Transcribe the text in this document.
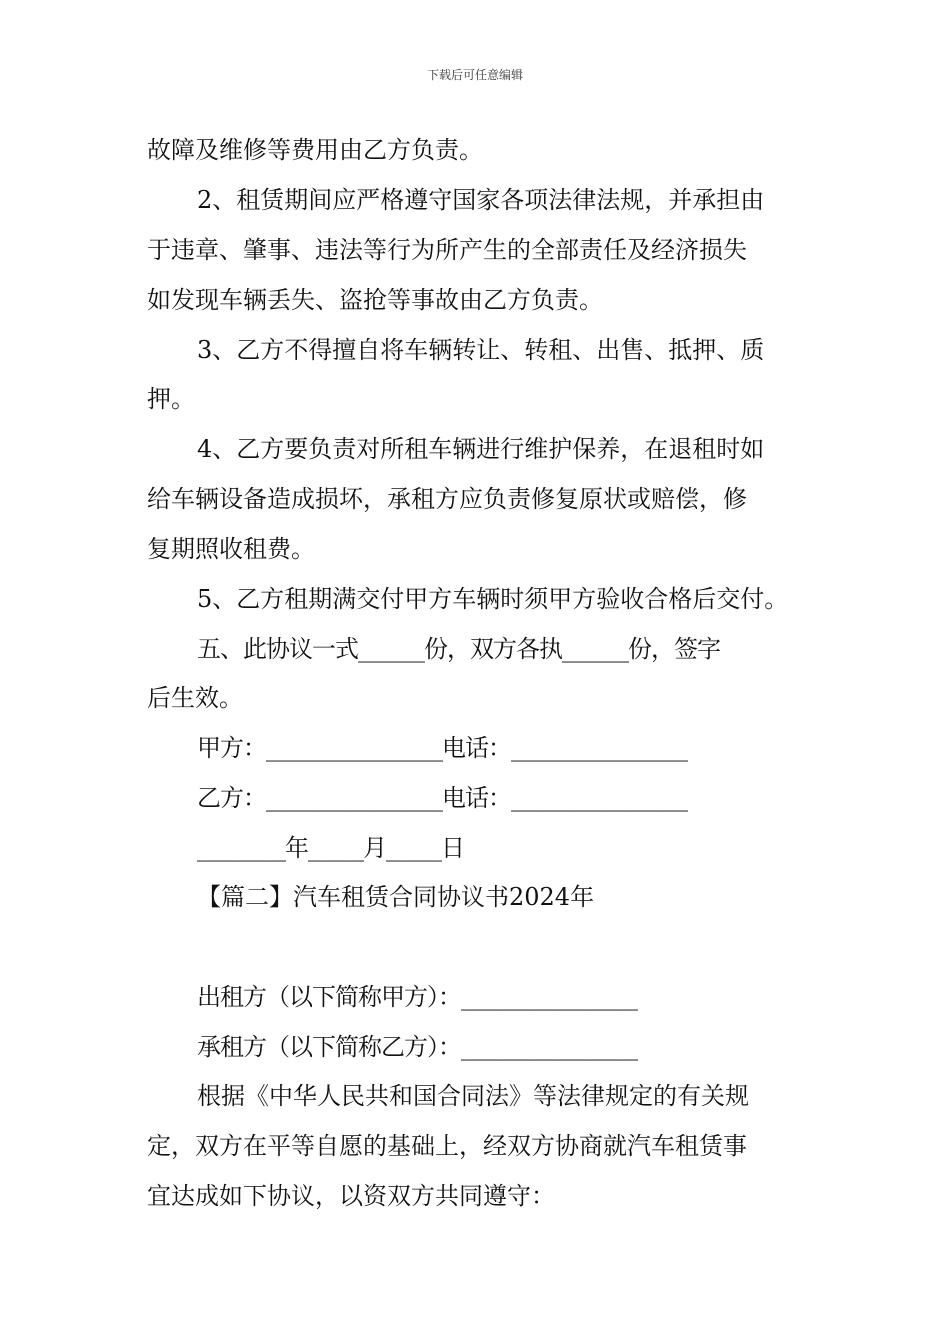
下载后可任意编辑
故障及维修等费用由乙方负责。
2、租赁期间应严格遵守国家各项法律法规，并承担由
于违章、肇事、违法等行为所产生的全部责任及经济损失
如发现车辆丢失、盗抢等事故由乙方负责。
3、乙方不得擅自将车辆转让、转租、出售、抵押、质
押。
4、乙方要负责对所租车辆进行维护保养，在退租时如
给车辆设备造成损坏，承租方应负责修复原状或赔偿，修
复期照收租费。
5、乙方租期满交付甲方车辆时须甲方验收合格后交付。
五、此协议一式______份，双方各执______份，签字
后生效。
甲方：________________电话：________________
乙方：________________电话：________________
________年_____月_____日
【篇二】汽车租赁合同协议书2024年
出租方（以下简称甲方）：________________
承租方（以下简称乙方）：________________
根据《中华人民共和国合同法》等法律规定的有关规
定，双方在平等自愿的基础上，经双方协商就汽车租赁事
宜达成如下协议，以资双方共同遵守：
